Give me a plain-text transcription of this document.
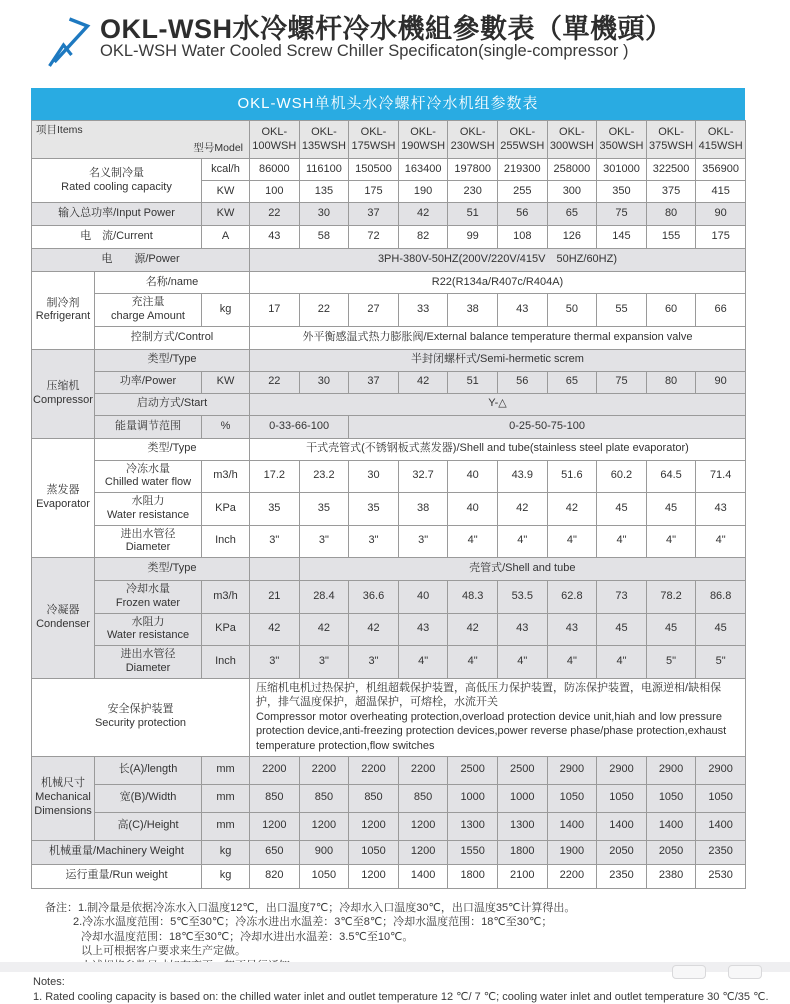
OKL-WSH水冷螺杆冷水機組參數表（單機頭）
OKL-WSH Water Cooled Screw Chiller Specificaton(single-compressor )
OKL-WSH单机头水冷螺杆冷水机组参数表
项目Items
型号Model
	OKL-
100WSH	OKL-
135WSH	OKL-
175WSH	OKL-
190WSH	OKL-
230WSH	OKL-
255WSH	OKL-
300WSH	OKL-
350WSH	OKL-
375WSH	OKL-
415WSH
名义制冷量
Rated cooling capacity		kcal/h	86000	116100	150500	163400	197800	219300	258000	301000	322500	356900
		KW	100	135	175	190	230	255	300	350	375	415
输入总功率/Input Power		KW	22	30	37	42	51	56	65	75	80	90
电　流/Current		A	43	58	72	82	99	108	126	145	155	175
电　　源/Power			3PH-380V-50HZ(200V/220V/415V　50HZ/60HZ)									
制冷剂
Refrigerant	名称/name		R22(R134a/R407c/R404A)									
	充注量
charge Amount	kg	17	22	27	33	38	43	50	55	60	66
	控制方式/Control		外平衡感温式热力膨胀阀/External balance temperature thermal expansion valve									
压缩机
Compressor	类型/Type		半封闭螺杆式/Semi-hermetic screm									
	功率/Power	KW	22	30	37	42	51	56	65	75	80	90
	启动方式/Start		Y-△									
	能量调节范围	%	0-33-66-100		0-25-50-75-100							
蒸发器
Evaporator	类型/Type		干式壳管式(不锈钢板式蒸发器)/Shell and tube(stainless steel plate evaporator)									
	冷冻水量
Chilled water flow	m3/h	17.2	23.2	30	32.7	40	43.9	51.6	60.2	64.5	71.4
	水阻力
Water resistance	KPa	35	35	35	38	40	42	42	45	45	43
	进出水管径
Diameter	Inch	3"	3"	3"	3"	4"	4"	4"	4"	4"	4"
冷凝器
Condenser	类型/Type			壳管式/Shell and tube								
	冷却水量
Frozen water	m3/h	21	28.4	36.6	40	48.3	53.5	62.8	73	78.2	86.8
	水阻力
Water resistance	KPa	42	42	42	43	42	43	43	45	45	45
	进出水管径
Diameter	Inch	3"	3"	3"	4"	4"	4"	4"	4"	5"	5"
安全保护装置
Security protection			压缩机电机过热保护，机组超载保护装置，高低压力保护装置，防冻保护装置，电源逆相/缺相保护，排气温度保护，超温保护，可熔栓，水流开关
Compressor motor overheating protection,overload protection device unit,hiah and low pressure protection device,anti-freezing protection devices,power reverse phase/phase protection,exhaust temperature protection,flow switches									
机械尺寸
Mechanical
Dimensions	长(A)/length	mm	2200	2200	2200	2200	2500	2500	2900	2900	2900	2900
	宽(B)/Width	mm	850	850	850	850	1000	1000	1050	1050	1050	1050
	高(C)/Height	mm	1200	1200	1200	1200	1300	1300	1400	1400	1400	1400
机械重量/Machinery Weight		kg	650	900	1050	1200	1550	1800	1900	2050	2050	2350
运行重量/Run weight		kg	820	1050	1200	1400	1800	2100	2200	2350	2380	2530
备注：1.制冷量是依据冷冻水入口温度12℃，出口温度7℃；冷却水入口温度30℃，出口温度35℃计算得出。
2.冷冻水温度范围：5℃至30℃；冷冻水进出水温差：3℃至8℃；冷却水温度范围：18℃至30℃；
冷却水温度范围：18℃至30℃；冷却水进出水温差：3.5℃至10℃。
以上可根据客户要求来生产定做。
Notes:
1. Rated cooling capacity is based on: the chilled water inlet and outlet temperature 12 ℃/ 7 ℃; cooling water inlet and outlet temperature 30 ℃/35 ℃.
